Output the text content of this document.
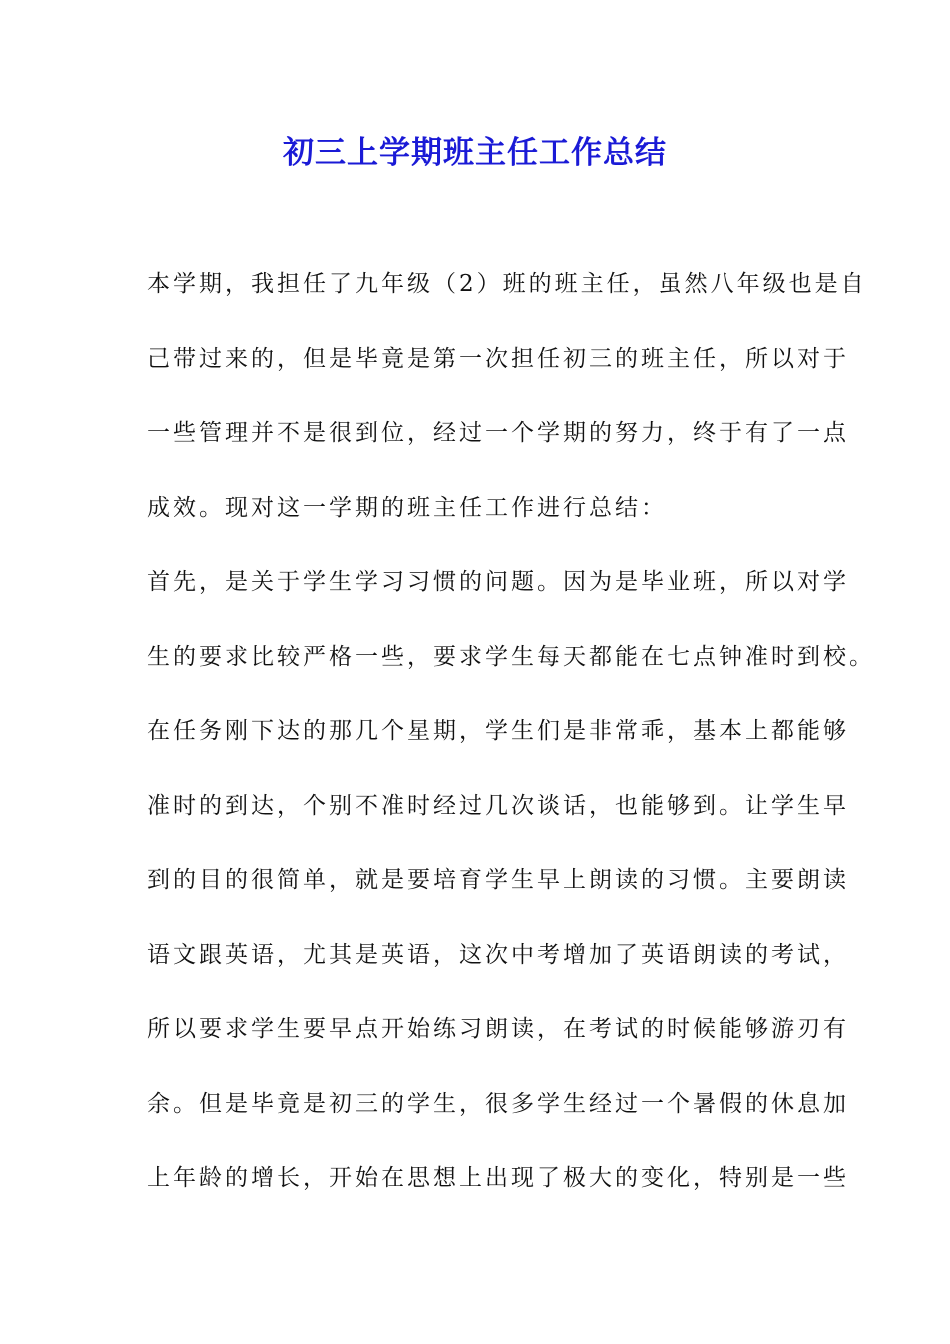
初三上学期班主任工作总结
本学期，我担任了九年级（2）班的班主任，虽然八年级也是自
己带过来的，但是毕竟是第一次担任初三的班主任，所以对于
一些管理并不是很到位，经过一个学期的努力，终于有了一点
成效。现对这一学期的班主任工作进行总结：
首先，是关于学生学习习惯的问题。因为是毕业班，所以对学
生的要求比较严格一些，要求学生每天都能在七点钟准时到校。
在任务刚下达的那几个星期，学生们是非常乖，基本上都能够
准时的到达，个别不准时经过几次谈话，也能够到。让学生早
到的目的很简单，就是要培育学生早上朗读的习惯。主要朗读
语文跟英语，尤其是英语，这次中考增加了英语朗读的考试，
所以要求学生要早点开始练习朗读，在考试的时候能够游刃有
余。但是毕竟是初三的学生，很多学生经过一个暑假的休息加
上年龄的增长，开始在思想上出现了极大的变化，特别是一些
